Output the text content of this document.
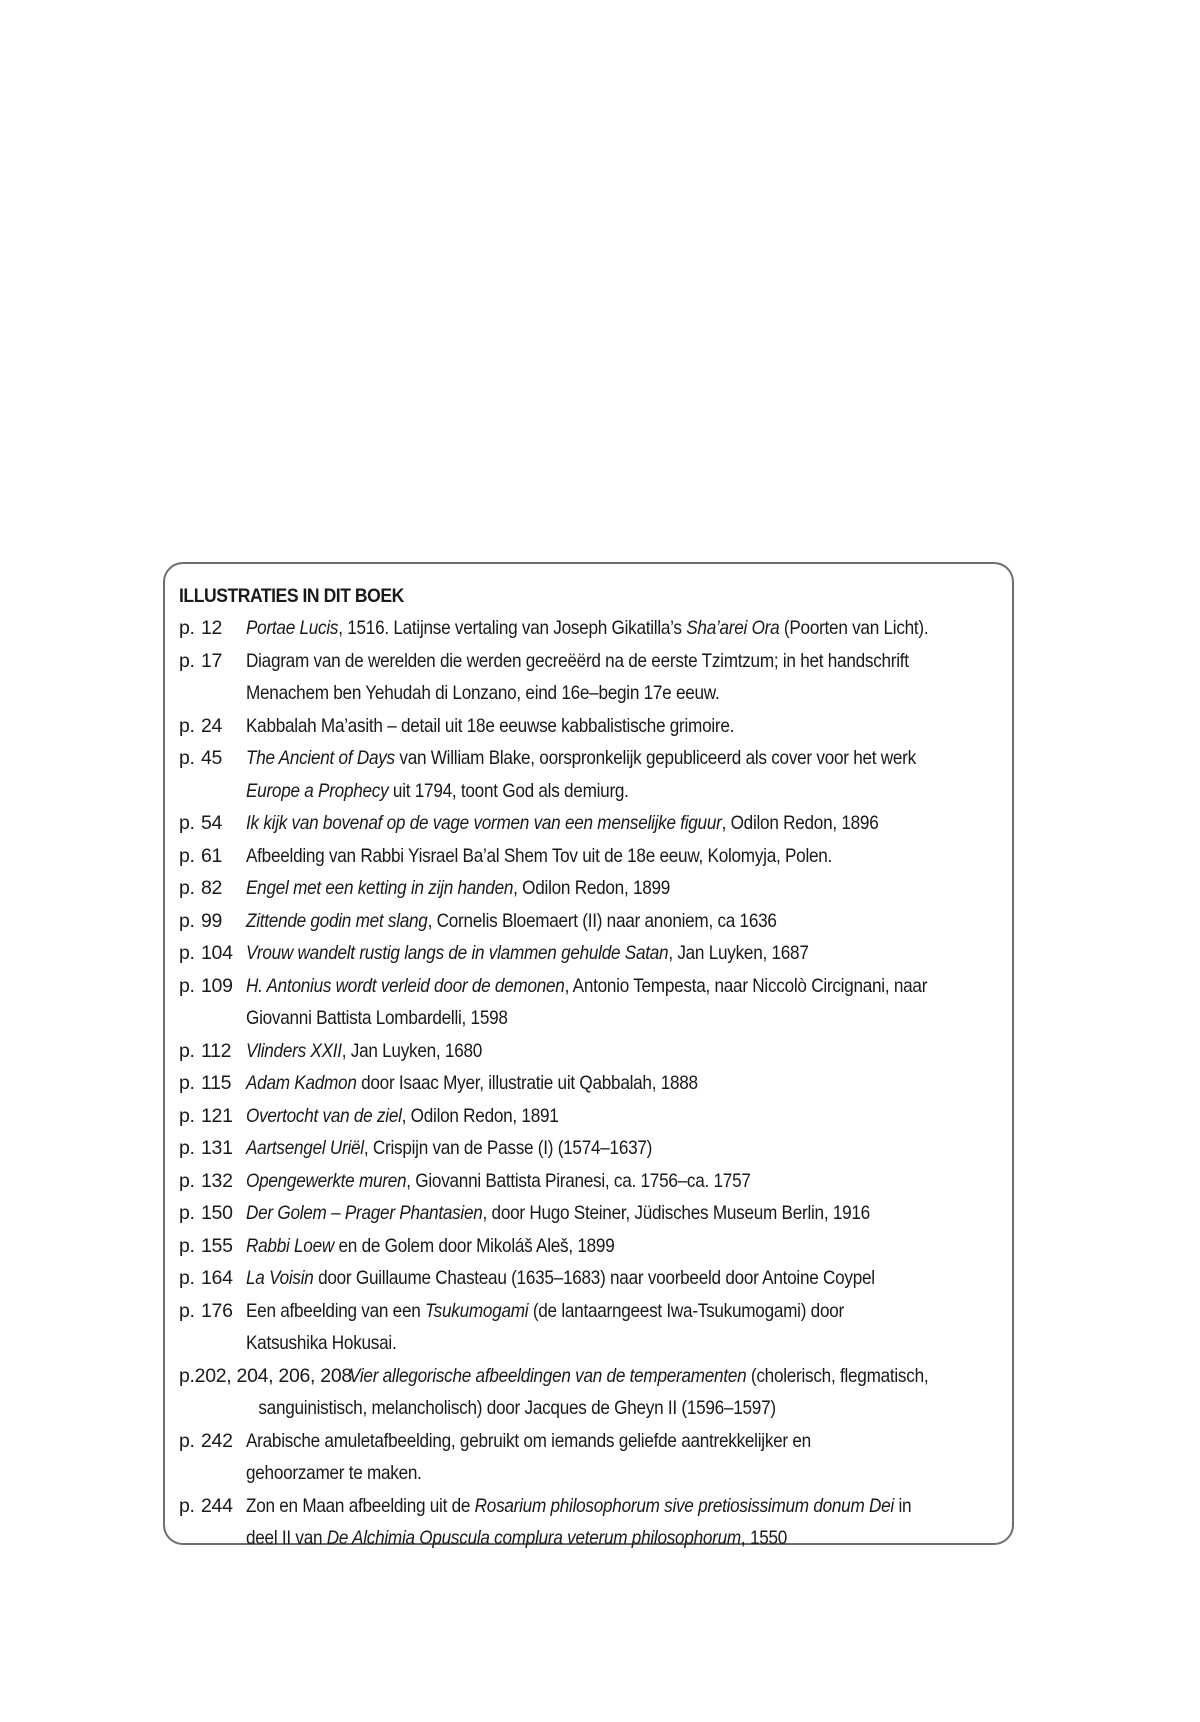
ILLUSTRATIES IN DIT BOEK
p. 12 Portae Lucis, 1516. Latijnse vertaling van Joseph Gikatilla’s Sha’arei Ora (Poorten van Licht).
p. 17 Diagram van de werelden die werden gecreëërd na de eerste Tzimtzum; in het handschrift
Menachem ben Yehudah di Lonzano, eind 16e–begin 17e eeuw.
p. 24 Kabbalah Ma’asith – detail uit 18e eeuwse kabbalistische grimoire.
p. 45 The Ancient of Days van William Blake, oorspronkelijk gepubliceerd als cover voor het werk
Europe a Prophecy uit 1794, toont God als demiurg.
p. 54 Ik kijk van bovenaf op de vage vormen van een menselijke figuur, Odilon Redon, 1896
p. 61 Afbeelding van Rabbi Yisrael Ba’al Shem Tov uit de 18e eeuw, Kolomyja, Polen.
p. 82 Engel met een ketting in zijn handen, Odilon Redon, 1899
p. 99 Zittende godin met slang, Cornelis Bloemaert (II) naar anoniem, ca 1636
p. 104 Vrouw wandelt rustig langs de in vlammen gehulde Satan, Jan Luyken, 1687
p. 109 H. Antonius wordt verleid door de demonen, Antonio Tempesta, naar Niccolò Circignani, naar
Giovanni Battista Lombardelli, 1598
p. 112 Vlinders XXII, Jan Luyken, 1680
p. 115 Adam Kadmon door Isaac Myer, illustratie uit Qabbalah, 1888
p. 121 Overtocht van de ziel, Odilon Redon, 1891
p. 131 Aartsengel Uriël, Crispijn van de Passe (I) (1574–1637)
p. 132 Opengewerkte muren, Giovanni Battista Piranesi, ca. 1756–ca. 1757
p. 150 Der Golem – Prager Phantasien, door Hugo Steiner, Jüdisches Museum Berlin, 1916
p. 155 Rabbi Loew en de Golem door Mikoláš Aleš, 1899
p. 164 La Voisin door Guillaume Chasteau (1635–1683) naar voorbeeld door Antoine Coypel
p. 176 Een afbeelding van een Tsukumogami (de lantaarngeest Iwa-Tsukumogami) door
Katsushika Hokusai.
p.202, 204, 206, 208
Vier allegorische afbeeldingen van de temperamenten (cholerisch, flegmatisch,
sanguinistisch, melancholisch) door Jacques de Gheyn II (1596–1597)
p. 242 Arabische amuletafbeelding, gebruikt om iemands geliefde aantrekkelijker en
gehoorzamer te maken.
p. 244 Zon en Maan afbeelding uit de Rosarium philosophorum sive pretiosissimum donum Dei in
deel II van De Alchimia Opuscula complura veterum philosophorum, 1550
